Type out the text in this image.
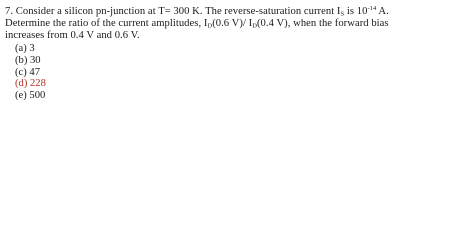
7. Consider a silicon pn-junction at T= 300 K. The reverse-saturation current $I_S$ is $10^{-14}$ A.
Determine the ratio of the current amplitudes, $I_D(0.6$ V)/ $I_D(0.4$ V), when the forward bias
increases from 0.4 V and 0.6 V.
(a) 3
(b) 30
(c) 47
(d) 228
(e) 500
